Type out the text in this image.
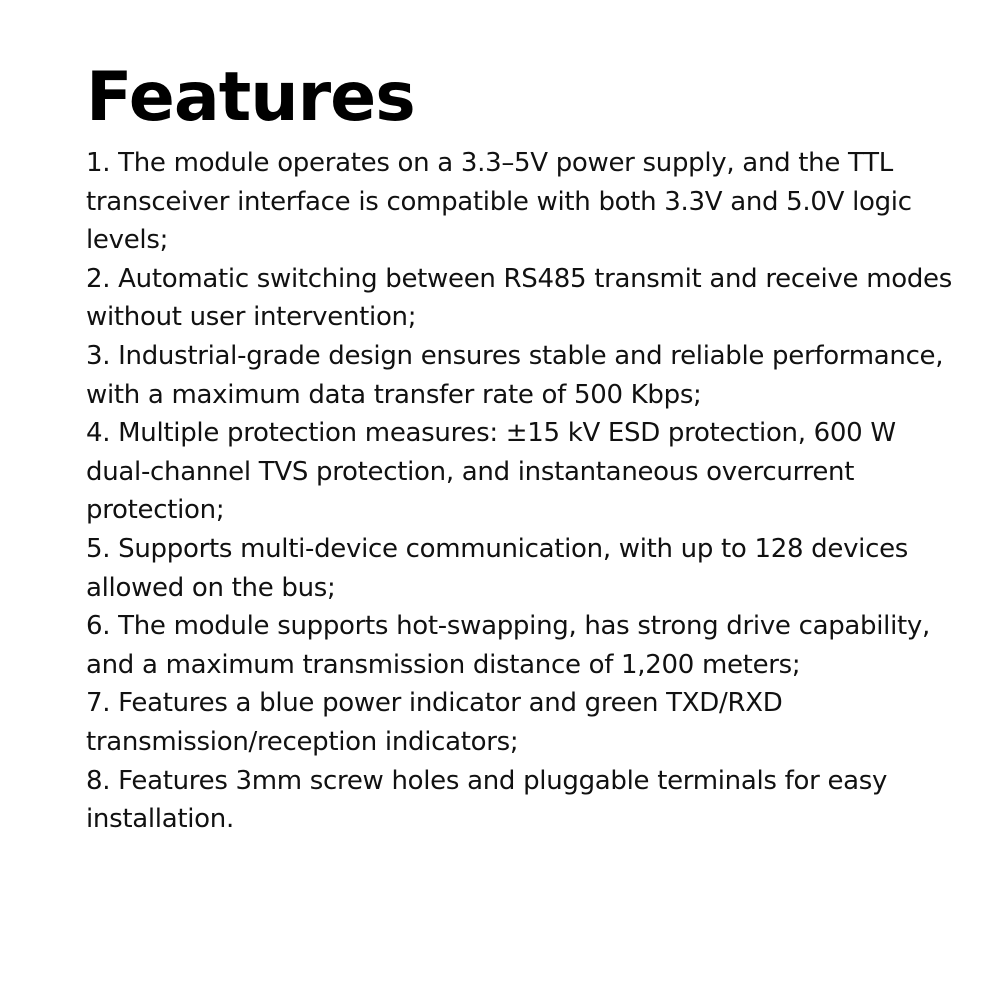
Features
1. The module operates on a 3.3–5V power supply, and the TTL transceiver interface is compatible with both 3.3V and 5.0V logic levels;
2. Automatic switching between RS485 transmit and receive modes without user intervention;
3. Industrial-grade design ensures stable and reliable performance, with a maximum data transfer rate of 500 Kbps;
4. Multiple protection measures: ±15 kV ESD protection, 600 W dual-channel TVS protection, and instantaneous overcurrent protection;
5. Supports multi-device communication, with up to 128 devices allowed on the bus;
6. The module supports hot-swapping, has strong drive capability, and a maximum transmission distance of 1,200 meters;
7. Features a blue power indicator and green TXD/RXD transmission/reception indicators;
8. Features 3mm screw holes and pluggable terminals for easy installation.
